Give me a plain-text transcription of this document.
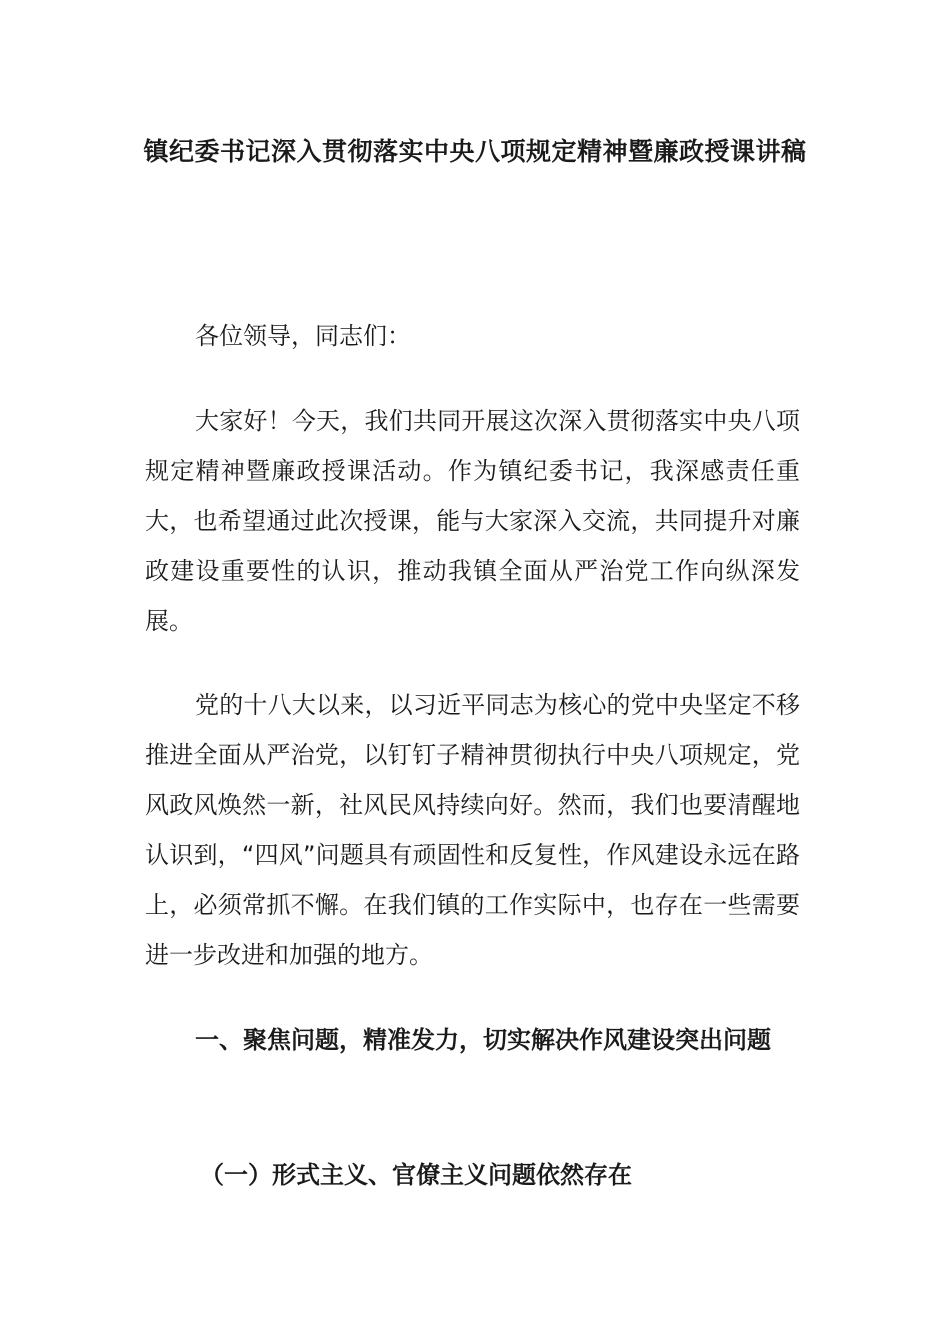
镇纪委书记深入贯彻落实中央八项规定精神暨廉政授课讲稿

各位领导，同志们：

大家好！今天，我们共同开展这次深入贯彻落实中央八项规定精神暨廉政授课活动。作为镇纪委书记，我深感责任重大，也希望通过此次授课，能与大家深入交流，共同提升对廉政建设重要性的认识，推动我镇全面从严治党工作向纵深发展。

党的十八大以来，以习近平同志为核心的党中央坚定不移推进全面从严治党，以钉钉子精神贯彻执行中央八项规定，党风政风焕然一新，社风民风持续向好。然而，我们也要清醒地认识到，“四风”问题具有顽固性和反复性，作风建设永远在路上，必须常抓不懈。在我们镇的工作实际中，也存在一些需要进一步改进和加强的地方。

一、聚焦问题，精准发力，切实解决作风建设突出问题

（一）形式主义、官僚主义问题依然存在
